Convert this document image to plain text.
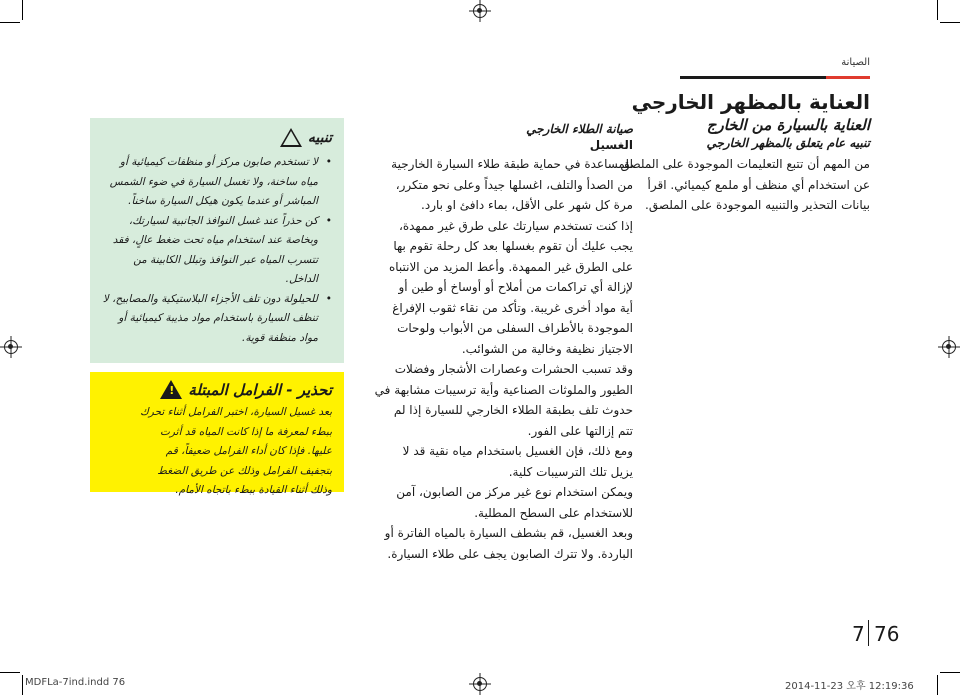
الصيانة
العناية بالمظهر الخارجي
العناية بالسيارة من الخارج
تنبيه عام يتعلق بالمظهر الخارجي

من المهم أن تتبع التعليمات الموجودة على الملصق

عن استخدام أي منظف أو ملمع كيميائي. اقرأ

بيانات التحذير والتنبيه الموجودة على الملصق.

صيانة الطلاء الخارجي
الغسيل

للمساعدة في حماية طبقة طلاء السيارة الخارجية

من الصدأ والتلف، اغسلها جيداً وعلى نحو متكرر،

مرة كل شهر على الأقل، بماء دافئ او بارد.

إذا كنت تستخدم سيارتك على طرق غير ممهدة،

يجب عليك أن تقوم بغسلها بعد كل رحلة تقوم بها

على الطرق غير الممهدة. وأعط المزيد من الانتباه

لإزالة أي تراكمات من أملاح أو أوساخ أو طين أو

أية مواد أخرى غريبة. وتأكد من نقاء ثقوب الإفراغ

الموجودة بالأطراف السفلى من الأبواب ولوحات

الاجتياز نظيفة وخالية من الشوائب.

وقد تسبب الحشرات وعصارات الأشجار وفضلات

الطيور والملوثات الصناعية وأية ترسيبات مشابهة في

حدوث تلف بطبقة الطلاء الخارجي للسيارة إذا لم

تتم إزالتها على الفور.

ومع ذلك، فإن الغسيل باستخدام مياه نقية قد لا

يزيل تلك الترسيبات كلية.

ويمكن استخدام نوع غير مركز من الصابون، آمن

للاستخدام على السطح المطلية.

وبعد الغسيل، قم بشطف السيارة بالمياه الفاترة أو

الباردة. ولا تترك الصابون يجف على طلاء السيارة.

تنبيه
!
• لا تستخدم صابون مركز أو منظفات كيميائية أو مياه ساخنة، ولا تغسل السيارة في ضوء الشمس المباشر أو عندما يكون هيكل السيارة ساخناً.
• كن حذراً عند غسل النوافذ الجانبية لسيارتك، وبخاصة عند استخدام مياه تحت ضغط عالٍ، فقد تتسرب المياه عبر النوافذ وتبلل الكابينة من الداخل.
• للحيلولة دون تلف الأجزاء البلاستيكية والمصابيح، لا تنظف السيارة باستخدام مواد مذيبة كيميائية أو مواد منظفة قوية.
تحذير - الفرامل المبتلة
!
بعد غسيل السيارة، اختبر الفرامل أثناء تحرك
ببطء لمعرفة ما إذا كانت المياه قد أثرت
عليها. فإذا كان أداء الفرامل ضعيفاً، قم
بتجفيف الفرامل وذلك عن طريق الضغط
وذلك أثناء القيادة ببطء باتجاه الأمام.
7 76
MDFLa-7ind.indd 76	2014-11-23 오후 12:19:36
